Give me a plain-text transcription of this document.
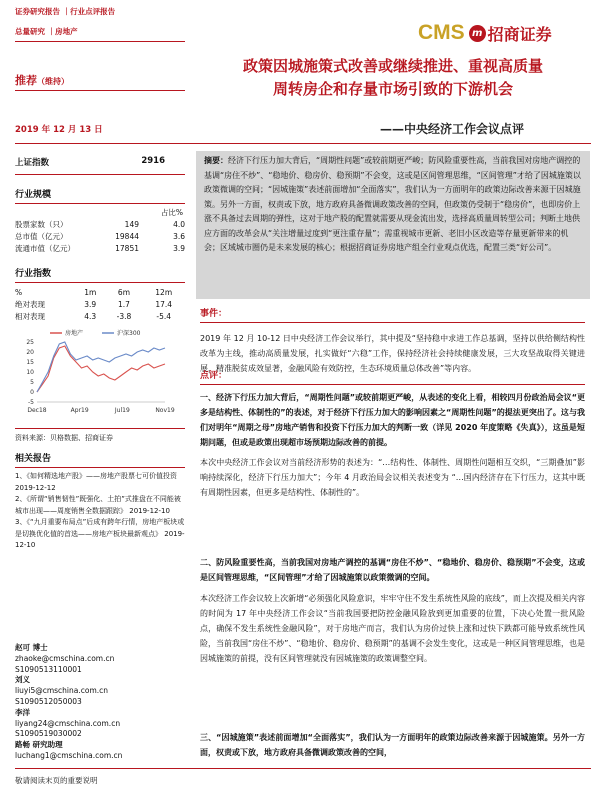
证券研究报告 ｜行业点评报告
总量研究 ｜房地产	CMS m 招商证券
推荐（维持）
2019 年 12 月 13 日
政策因城施策式改善或继续推进、重视高质量
周转房企和存量市场引致的下游机会
——中央经济工作会议点评
上证指数	2916
行业规模
占比%
股票家数（只）	149	4.0
总市值（亿元）	19844	3.6
流通市值（亿元）	17851	3.9
行业指数
%	1m	6m	12m
绝对表现	3.9	1.7	17.4
相对表现	4.3	-3.8	-5.4
25
20
15
10
5
0
-5
Dec18	Apr19	Jul19	Nov19
房地产	沪深300
资料来源：贝格数据、招商证券
相关报告
1、《如何精选地产股》——房地产股票七可价值投资 2019-12-12
2、《所谓“销售韧性”既强化、土拍”式推盘在不同能被城市出现——周度销售全数据跟踪》 2019-12-10
3、《“九月重要布局点”后成有跨年行情，房地产板块或是切换优化值的首选——房地产板块最新观点》 2019-12-10
赵可 博士
zhaoke@cmschina.com.cn
S1090513110001
刘义
liuyi5@cmschina.com.cn
S1090512050003
李洋
liyang24@cmschina.com.cn
S1090519030002
路畅 研究助理
luchang1@cmschina.com.cn
摘要：经济下行压力加大背后，“周期性问题”或较前期更严峻；防风险重要性高，当前我国对房地产调控的基调“房住不炒”、“稳地价、稳房价、稳预期”不会变，这或是区间管理思维，“区间管理”才给了因城施策以政策微调的空间；“因城施策”表述前面增加“全面落实”，我们认为一方面明年的政策边际改善来源于因城施策。另外一方面，权责或下放，地方政府具备微调政策改善的空间，但政策仍受制于“稳房价”，也即房价上涨不具备过去周期的弹性，这对于地产股的配置就需要从现金流出发，选择高质量周转型公司；判断土地供应方面的改革会从“关注增量过度到“更注重存量”；需重视城市更新、老旧小区改造等存量更新带来的机会；区域城市圈仍是未来发展的核心；根据招商证券房地产组全行业观点优选，配置三类“好公司”。
事件：
2019 年 12 月 10-12 日中央经济工作会议举行，其中提及“坚持稳中求进工作总基调，坚持以供给侧结构性改革为主线，推动高质量发展，扎实做好“六稳”工作，保持经济社会持续健康发展，三大攻坚战取得关键进展，精准脱贫成效显著，金融风险有效防控，生态环境质量总体改善”等内容。
点评：
一、经济下行压力加大背后，“周期性问题”或较前期更严峻，从表述的变化上看，相较四月份政治局会议“更多是结构性、体制性的”的表述，对于经济下行压力加大的影响因素之“周期性问题”的提法更突出了。这与我们对明年“周期之母”房地产销售和投资下行压力加大的判断一致（详见 2020 年度策略《失真》），这虽是短期问题，但或是政策出现超市场预期边际改善的前提。
本次中央经济工作会议对当前经济形势的表述为：“…结构性、体制性、周期性问题相互交织，“三期叠加”影响持续深化，经济下行压力加大”；今年 4 月政治局会议相关表述变为 “…国内经济存在下行压力，这其中既有周期性因素，但更多是结构性、体制性的”。
二、防风险重要性高，当前我国对房地产调控的基调“房住不炒”、“稳地价、稳房价、稳预期”不会变，这或是区间管理思维，“区间管理”才给了因城施策以政策微调的空间。
本次经济工作会议较上次新增“必须强化风险意识，牢牢守住不发生系统性风险的底线”，而上次提及相关内容的时间为 17 年中央经济工作会议“当前我国要把防控金融风险放到更加重要的位置，下决心处置一批风险点，确保不发生系统性金融风险”，对于房地产而言，我们认为房价过快上涨和过快下跌都可能导致系统性风险，当前我国“房住不炒”、“稳地价、稳房价、稳预期”的基调不会发生变化，这或是一种区间管理思维，也是因城施策的前提，没有区间管理就没有因城施策的政策调整空间。
三、“因城施策”表述前面增加“全面落实”，我们认为一方面明年的政策边际改善来源于因城施策。另外一方面，权责或下放，地方政府具备微调政策改善的空间，
敬请阅读末页的重要说明
